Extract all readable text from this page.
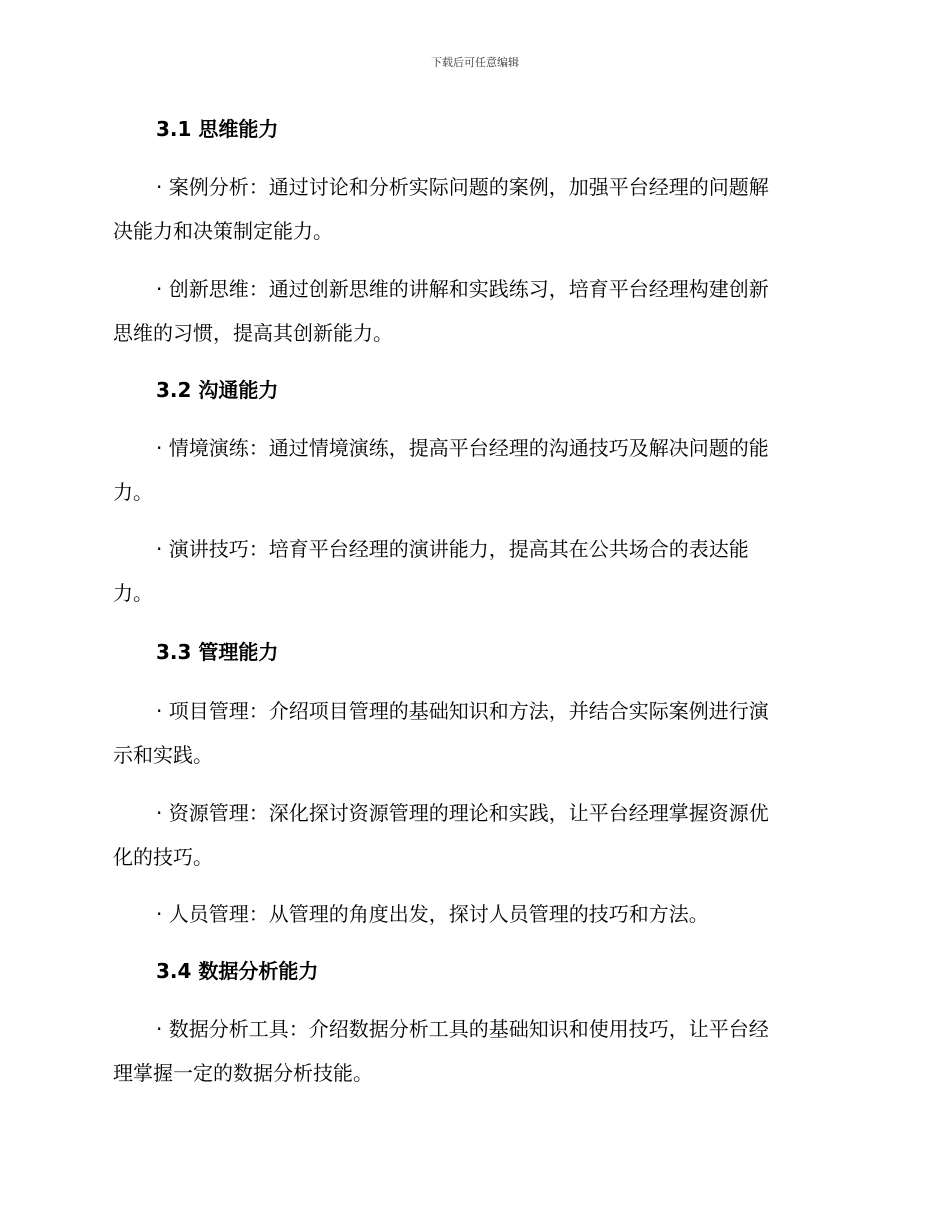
下载后可任意编辑
3.1 思维能力
· 案例分析：通过讨论和分析实际问题的案例，加强平台经理的问题解
决能力和决策制定能力。
· 创新思维：通过创新思维的讲解和实践练习，培育平台经理构建创新
思维的习惯，提高其创新能力。
3.2 沟通能力
· 情境演练：通过情境演练，提高平台经理的沟通技巧及解决问题的能
力。
· 演讲技巧：培育平台经理的演讲能力，提高其在公共场合的表达能
力。
3.3 管理能力
· 项目管理：介绍项目管理的基础知识和方法，并结合实际案例进行演
示和实践。
· 资源管理：深化探讨资源管理的理论和实践，让平台经理掌握资源优
化的技巧。
· 人员管理：从管理的角度出发，探讨人员管理的技巧和方法。
3.4 数据分析能力
· 数据分析工具：介绍数据分析工具的基础知识和使用技巧，让平台经
理掌握一定的数据分析技能。
